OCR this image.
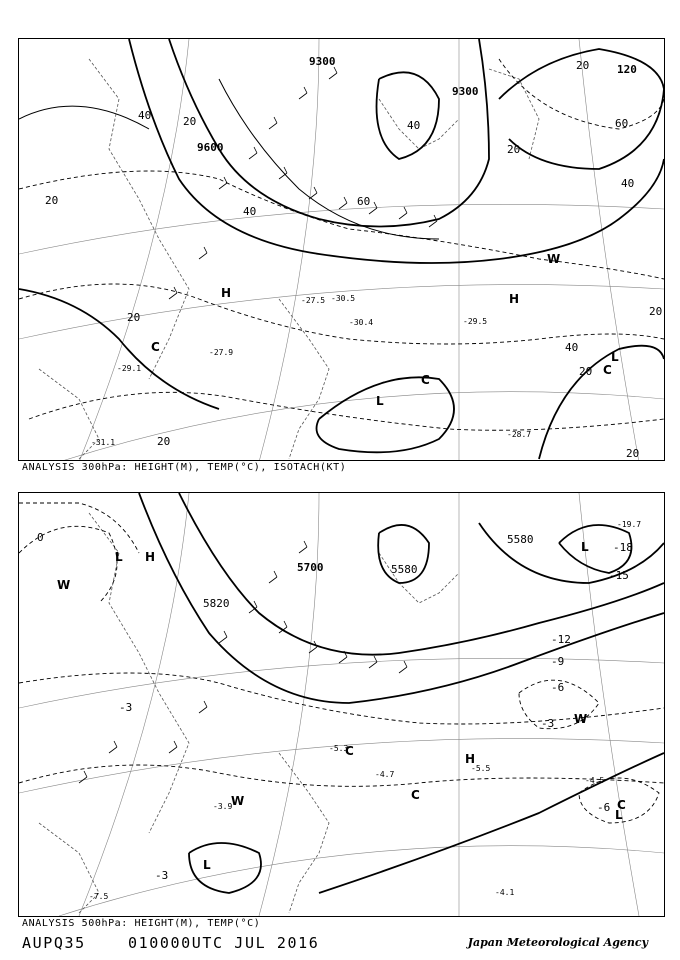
9600
9300
9300
120
60
40
40	20
20
20
20
20
40
60
20
40
20
20
20
40
-30.5
-27.5
-29.5
-28.7
-30.4
-27.9
-31.1
-29.1
H	H
L
L
C
C
C
W
ANALYSIS 300hPa: HEIGHT(M), TEMP(°C), ISOTACH(KT)
5700	5580
5820
5580
-18
-15
-12
-9
-6
-3
-3
-6
-3
0
-5.5
-4.7
-5.3
-4.5
-4.1
-7.5
-3.9
-19.7
L H
L
L
H
L
C
C
C
W
W
W
ANALYSIS 500hPa: HEIGHT(M), TEMP(°C)
AUPQ35	010000UTC JUL 2016	Japan Meteorological Agency
